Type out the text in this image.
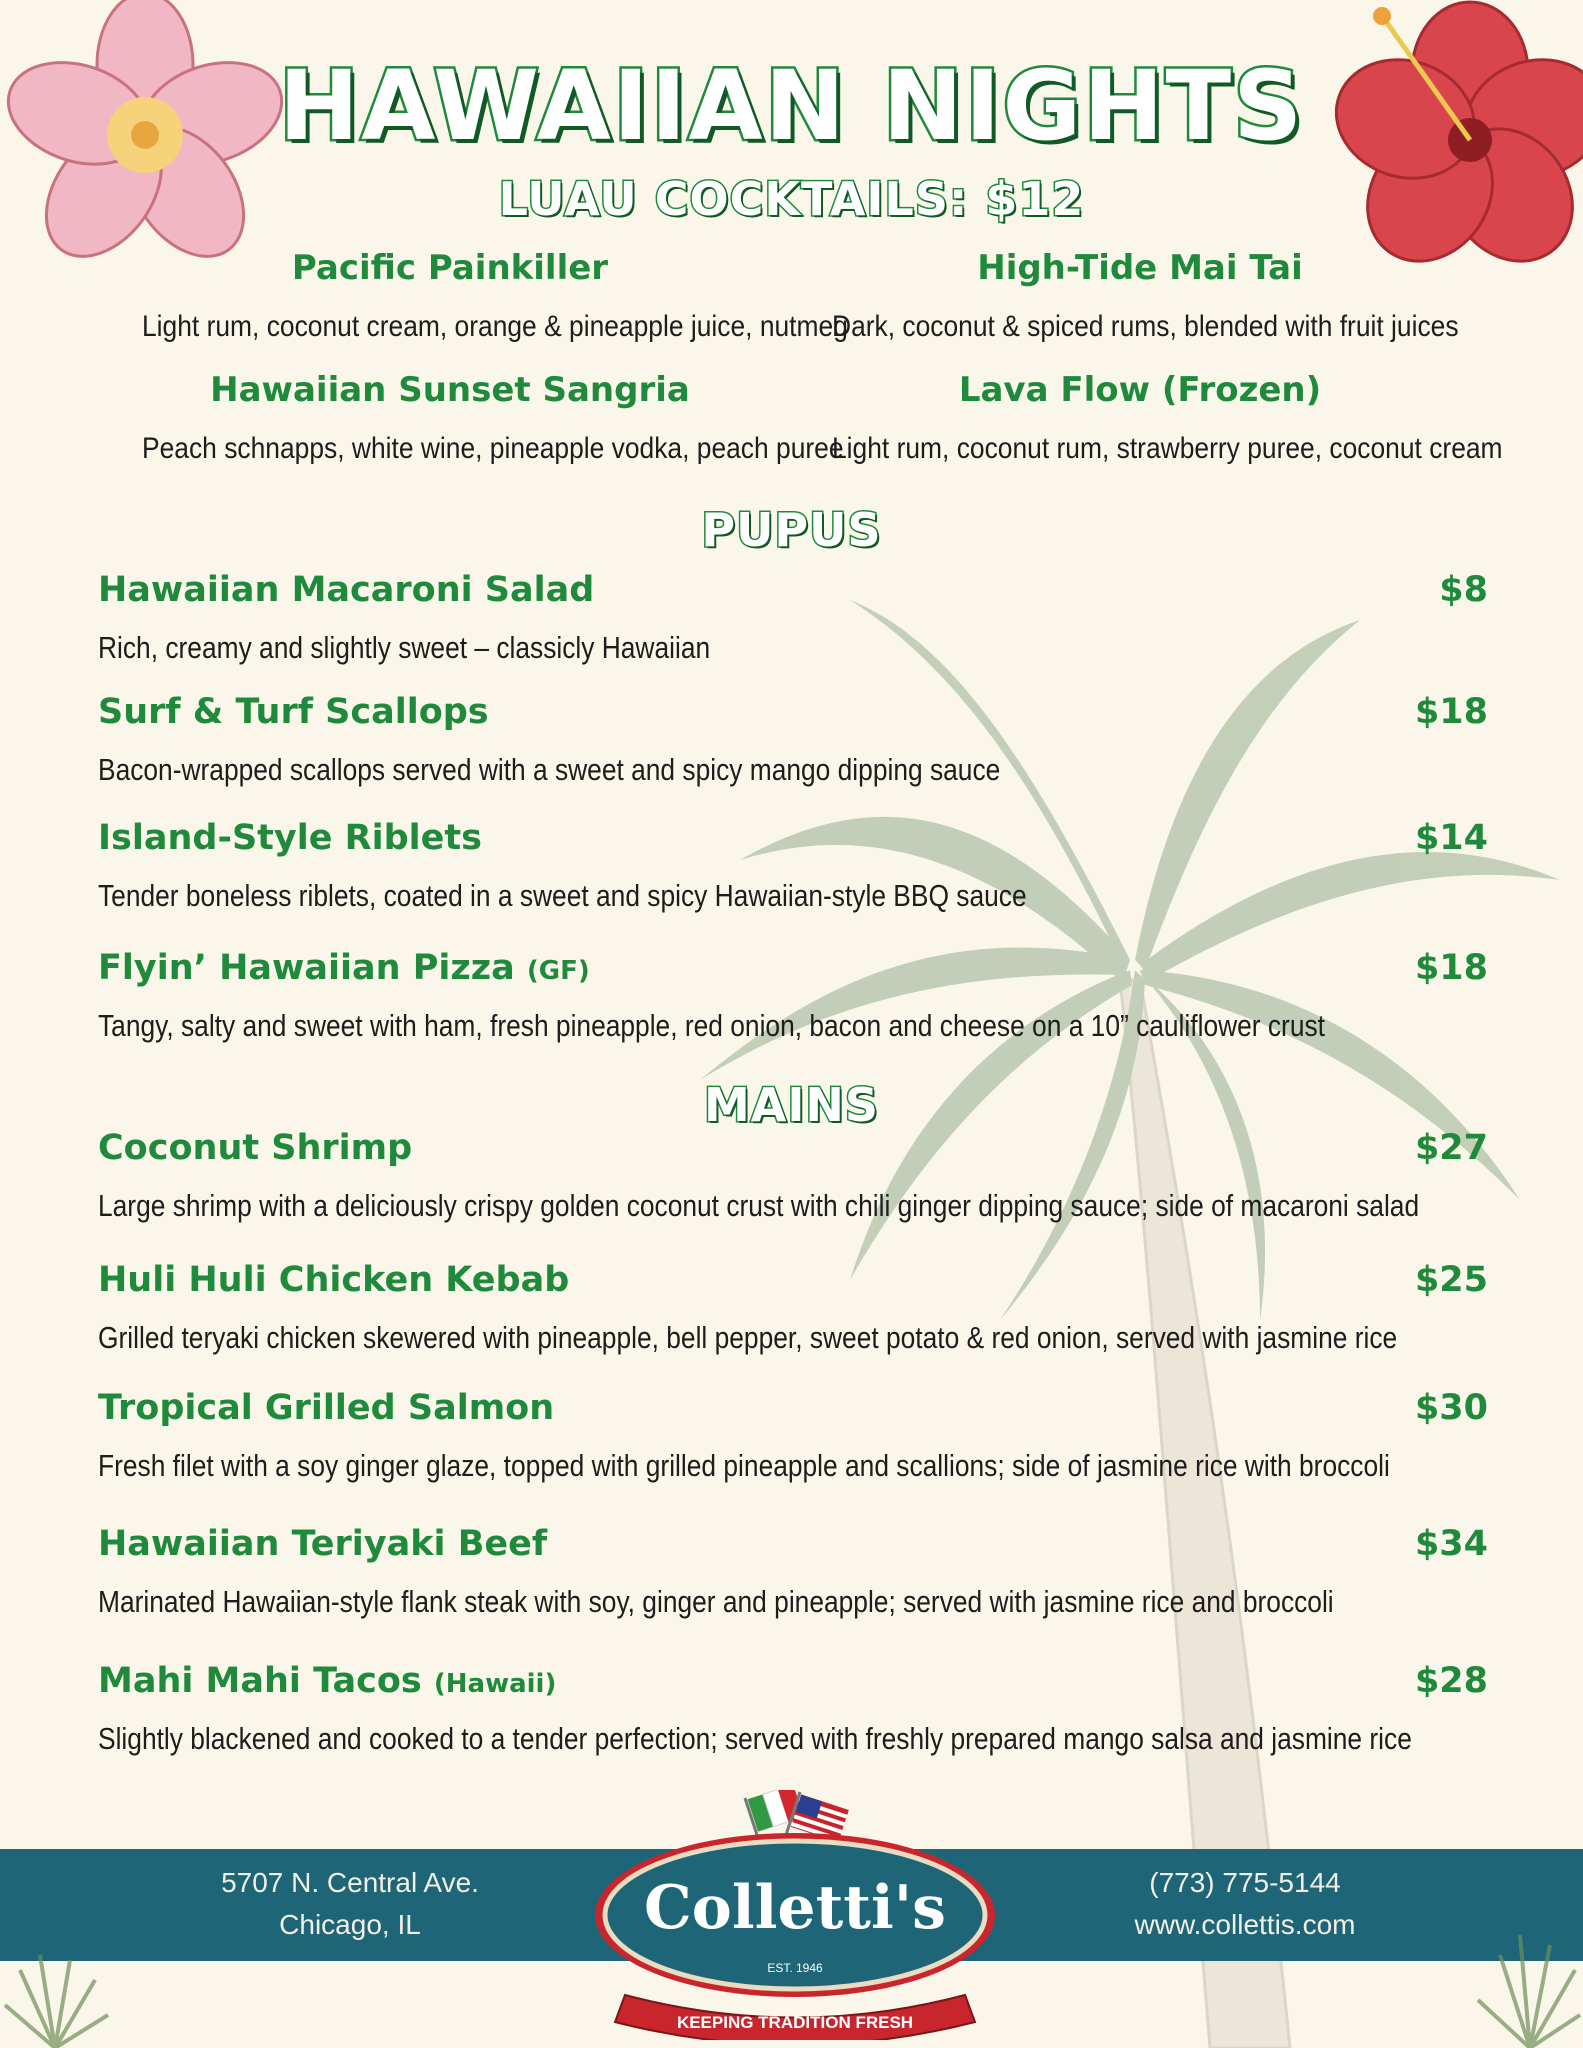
HAWAIIAN NIGHTS
LUAU COCKTAILS: $12
Pacific Painkiller
Light rum, coconut cream, orange & pineapple juice, nutmeg
High-Tide Mai Tai
Dark, coconut & spiced rums, blended with fruit juices
Hawaiian Sunset Sangria
Peach schnapps, white wine, pineapple vodka, peach puree
Lava Flow (Frozen)
Light rum, coconut rum, strawberry puree, coconut cream
PUPUS
Hawaiian Macaroni Salad	$8
Rich, creamy and slightly sweet – classicly Hawaiian
Surf & Turf Scallops	$18
Bacon-wrapped scallops served with a sweet and spicy mango dipping sauce
Island-Style Riblets	$14
Tender boneless riblets, coated in a sweet and spicy Hawaiian-style BBQ sauce
Flyin’ Hawaiian Pizza (GF)	$18
Tangy, salty and sweet with ham, fresh pineapple, red onion, bacon and cheese on a 10” cauliflower crust
MAINS
Coconut Shrimp	$27
Large shrimp with a deliciously crispy golden coconut crust with chili ginger dipping sauce; side of macaroni salad
Huli Huli Chicken Kebab	$25
Grilled teryaki chicken skewered with pineapple, bell pepper, sweet potato & red onion, served with jasmine rice
Tropical Grilled Salmon	$30
Fresh filet with a soy ginger glaze, topped with grilled pineapple and scallions; side of jasmine rice with broccoli
Hawaiian Teriyaki Beef	$34
Marinated Hawaiian-style flank steak with soy, ginger and pineapple; served with jasmine rice and broccoli
Mahi Mahi Tacos (Hawaii)	$28
Slightly blackened and cooked to a tender perfection; served with freshly prepared mango salsa and jasmine rice
5707 N. Central Ave.
Chicago, IL
(773) 775-5144
www.collettis.com
Colletti's
EST. 1946
KEEPING TRADITION FRESH
